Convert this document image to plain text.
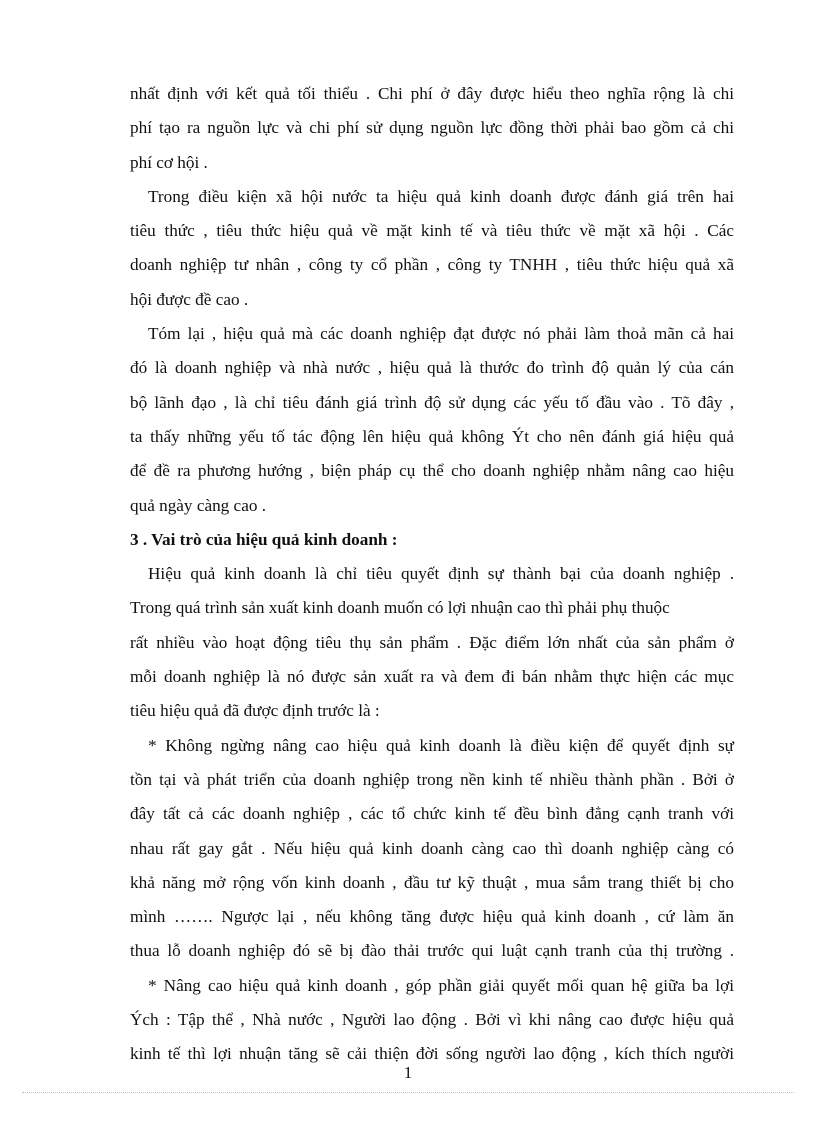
nhất định với kết quả tối thiểu . Chi phí ở đây được hiểu theo nghĩa rộng là chi
phí tạo ra nguồn lực và chi phí sử dụng nguồn lực đồng thời phải bao gồm cả chi
phí cơ hội .
Trong điều kiện xã hội nước ta hiệu quả kinh doanh được đánh giá trên hai
tiêu thức , tiêu thức hiệu quả về mặt kinh tế và tiêu thức về mặt xã hội . Các
doanh nghiệp tư nhân , công ty cổ phần , công ty TNHH , tiêu thức hiệu quả xã
hội được đề cao .
Tóm lại , hiệu quả mà các doanh nghiệp đạt được nó phải làm thoả mãn cả hai
đó là doanh nghiệp và nhà nước , hiệu quả là thước đo trình độ quản lý của cán
bộ lãnh đạo , là chỉ tiêu đánh giá trình độ sử dụng các yếu tố đầu vào . Tõ đây ,
ta thấy những yếu tố tác động lên hiệu quả không Ýt cho nên đánh giá hiệu quả
để đề ra phương hướng , biện pháp cụ thể cho doanh nghiệp nhằm nâng cao hiệu
quả ngày càng cao .
3 . Vai trò của hiệu quả kinh doanh :
Hiệu quả kinh doanh là chỉ tiêu quyết định sự thành bại của doanh nghiệp .
Trong quá trình sản xuất kinh doanh muốn có lợi nhuận cao thì phải phụ thuộc
rất nhiều vào hoạt động tiêu thụ sản phẩm . Đặc điểm lớn nhất của sản phẩm ở
mỗi doanh nghiệp là nó được sản xuất ra và đem đi bán nhằm thực hiện các mục
tiêu hiệu quả đã được định trước là :
* Không ngừng nâng cao hiệu quả kinh doanh là điều kiện để quyết định sự
tồn tại và phát triển của doanh nghiệp trong nền kinh tế nhiều thành phần . Bởi ở
đây tất cả các doanh nghiệp , các tổ chức kinh tế đều bình đẳng cạnh tranh với
nhau rất gay gắt . Nếu hiệu quả kinh doanh càng cao thì doanh nghiệp càng có
khả năng mở rộng vốn kinh doanh , đầu tư kỹ thuật , mua sắm trang thiết bị cho
mình ……. Ngược lại , nếu không tăng được hiệu quả kinh doanh , cứ làm ăn
thua lỗ doanh nghiệp đó sẽ bị đào thải trước qui luật cạnh tranh của thị trường .
* Nâng cao hiệu quả kinh doanh , góp phần giải quyết mối quan hệ giữa ba lợi
Ých : Tập thể , Nhà nước , Người lao động . Bởi vì khi nâng cao được hiệu quả
kinh tế thì lợi nhuận tăng sẽ cải thiện đời sống người lao động , kích thích người
1
